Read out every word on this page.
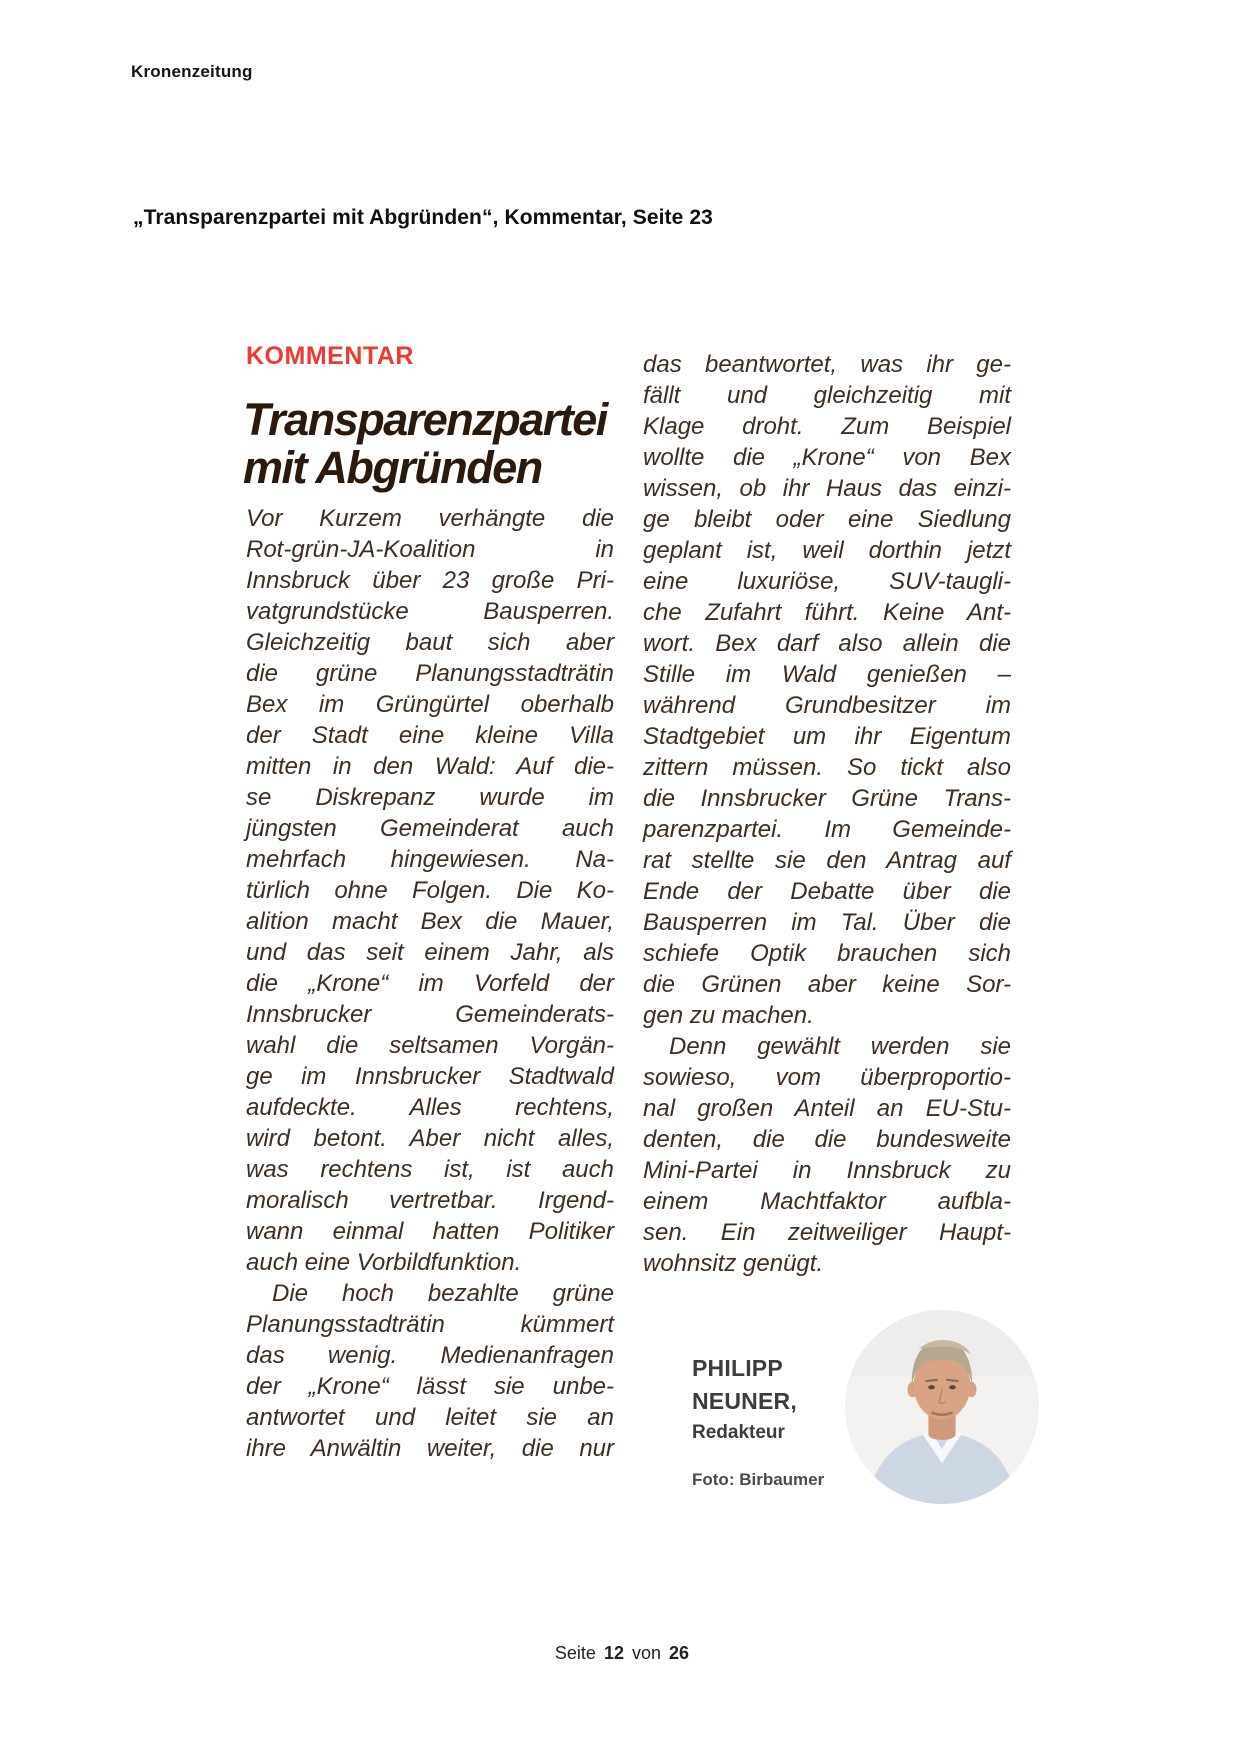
Kronenzeitung
„Transparenzpartei mit Abgründen“, Kommentar, Seite 23
KOMMENTAR
Transparenzpartei
mit Abgründen
Vor Kurzem verhängte die
Rot-grün-JA-Koalition in
Innsbruck über 23 große Pri-
vatgrundstücke Bausperren.
Gleichzeitig baut sich aber
die grüne Planungsstadträtin
Bex im Grüngürtel oberhalb
der Stadt eine kleine Villa
mitten in den Wald: Auf die-
se Diskrepanz wurde im
jüngsten Gemeinderat auch
mehrfach hingewiesen. Na-
türlich ohne Folgen. Die Ko-
alition macht Bex die Mauer,
und das seit einem Jahr, als
die „Krone“ im Vorfeld der
Innsbrucker Gemeinderats-
wahl die seltsamen Vorgän-
ge im Innsbrucker Stadtwald
aufdeckte. Alles rechtens,
wird betont. Aber nicht alles,
was rechtens ist, ist auch
moralisch vertretbar. Irgend-
wann einmal hatten Politiker
auch eine Vorbildfunktion.
Die hoch bezahlte grüne
Planungsstadträtin kümmert
das wenig. Medienanfragen
der „Krone“ lässt sie unbe-
antwortet und leitet sie an
ihre Anwältin weiter, die nur
das beantwortet, was ihr ge-
fällt und gleichzeitig mit
Klage droht. Zum Beispiel
wollte die „Krone“ von Bex
wissen, ob ihr Haus das einzi-
ge bleibt oder eine Siedlung
geplant ist, weil dorthin jetzt
eine luxuriöse, SUV-taugli-
che Zufahrt führt. Keine Ant-
wort. Bex darf also allein die
Stille im Wald genießen –
während Grundbesitzer im
Stadtgebiet um ihr Eigentum
zittern müssen. So tickt also
die Innsbrucker Grüne Trans-
parenzpartei. Im Gemeinde-
rat stellte sie den Antrag auf
Ende der Debatte über die
Bausperren im Tal. Über die
schiefe Optik brauchen sich
die Grünen aber keine Sor-
gen zu machen.
Denn gewählt werden sie
sowieso, vom überproportio-
nal großen Anteil an EU-Stu-
denten, die die bundesweite
Mini-Partei in Innsbruck zu
einem Machtfaktor aufbla-
sen. Ein zeitweiliger Haupt-
wohnsitz genügt.
PHILIPP
NEUNER,
Redakteur
Foto: Birbaumer
Seite 12 von 26
